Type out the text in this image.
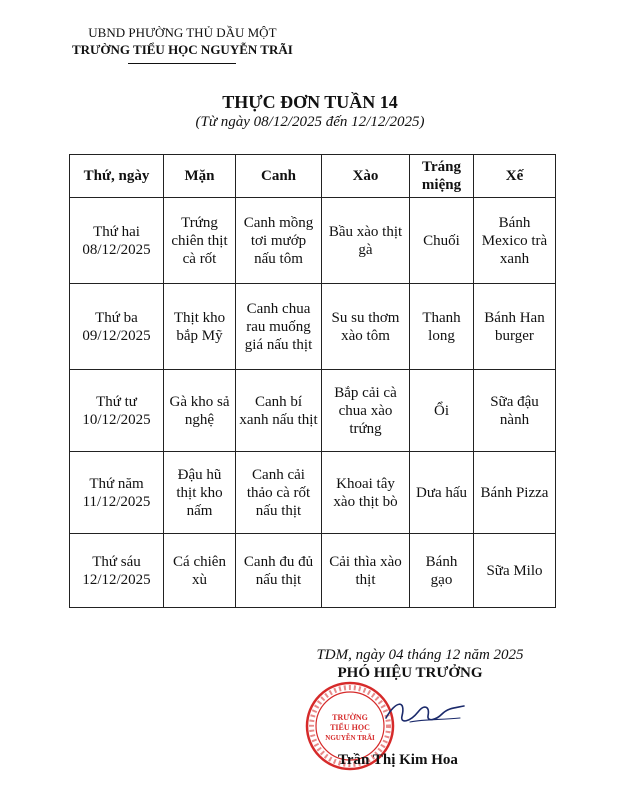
UBND PHƯỜNG THỦ DẦU MỘT
TRƯỜNG TIỂU HỌC NGUYỄN TRÃI
THỰC ĐƠN TUẦN 14
(Từ ngày 08/12/2025 đến 12/12/2025)
Thứ, ngày	Mặn	Canh	Xào	Tráng miệng	Xế

Thứ hai
08/12/2025	Trứng chiên thịt cà rốt	Canh mồng tơi mướp nấu tôm	Bầu xào thịt gà	Chuối	Bánh Mexico trà xanh

Thứ ba
09/12/2025	Thịt kho bắp Mỹ	Canh chua rau muống giá nấu thịt	Su su thơm xào tôm	Thanh long	Bánh Han burger

Thứ tư
10/12/2025	Gà kho sả nghệ	Canh bí xanh nấu thịt	Bắp cải cà chua xào trứng	Ổi	Sữa đậu nành

Thứ năm
11/12/2025	Đậu hũ thịt kho nấm	Canh cải thảo cà rốt nấu thịt	Khoai tây xào thịt bò	Dưa hấu	Bánh Pizza

Thứ sáu
12/12/2025	Cá chiên xù	Canh đu đủ nấu thịt	Cải thìa xào thịt	Bánh gạo	Sữa Milo
TDM, ngày 04 tháng 12 năm 2025
PHÓ HIỆU TRƯỞNG
TRƯỜNG
TIỂU HỌC
NGUYỄN TRÃI
Trần Thị Kim Hoa
